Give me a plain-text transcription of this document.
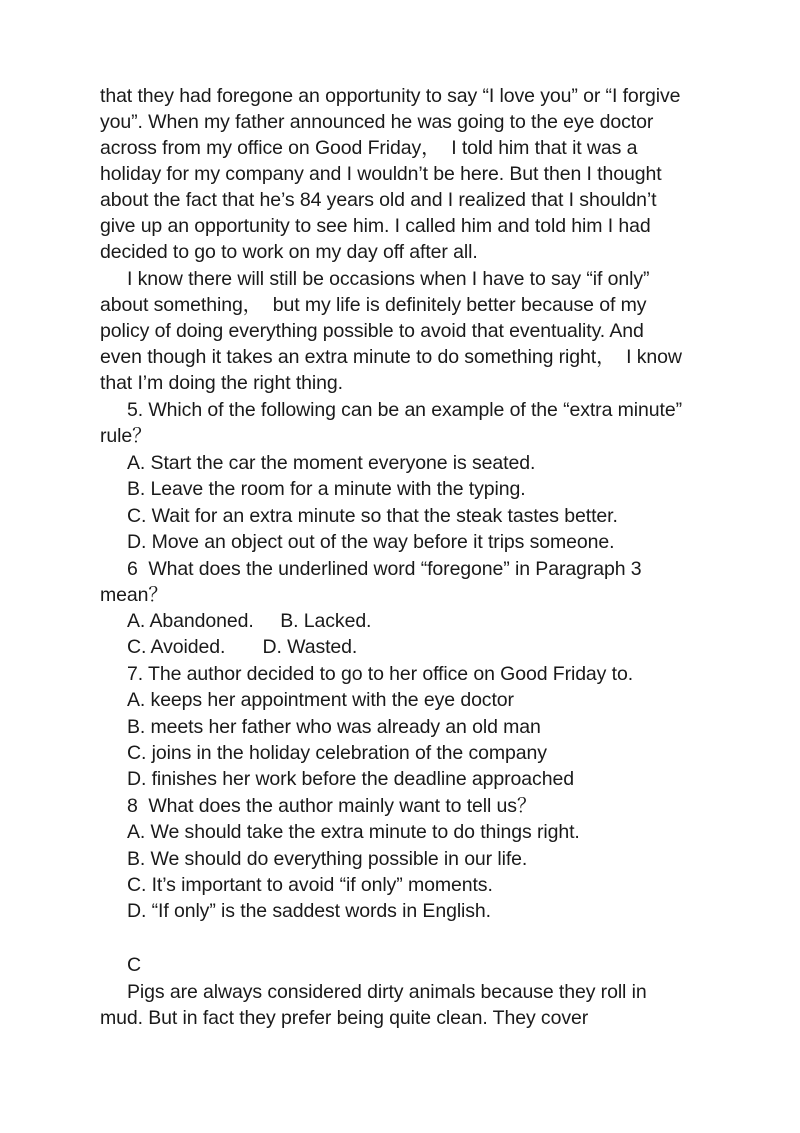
that they had foregone an opportunity to say “I love you” or “I forgive
you”. When my father announced he was going to the eye doctor
across from my office on Good Friday，  I told him that it was a
holiday for my company and I wouldn’t be here. But then I thought
about the fact that he’s 84 years old and I realized that I shouldn’t
give up an opportunity to see him. I called him and told him I had
decided to go to work on my day off after all.
I know there will still be occasions when I have to say “if only”
about something，  but my life is definitely better because of my
policy of doing everything possible to avoid that eventuality. And
even though it takes an extra minute to do something right，  I know
that I’m doing the right thing.
5. Which of the following can be an example of the “extra minute”
rule？
A. Start the car the moment everyone is seated.
B. Leave the room for a minute with the typing.
C. Wait for an extra minute so that the steak tastes better.
D. Move an object out of the way before it trips someone.
6  What does the underlined word “foregone” in Paragraph 3
mean？
A. Abandoned.     B. Lacked.
C. Avoided.       D. Wasted.
7. The author decided to go to her office on Good Friday to.
A. keeps her appointment with the eye doctor
B. meets her father who was already an old man
C. joins in the holiday celebration of the company
D. finishes her work before the deadline approached
8  What does the author mainly want to tell us？
A. We should take the extra minute to do things right.
B. We should do everything possible in our life.
C. It’s important to avoid “if only” moments.
D. “If only” is the saddest words in English.
C
Pigs are always considered dirty animals because they roll in
mud. But in fact they prefer being quite clean. They cover
